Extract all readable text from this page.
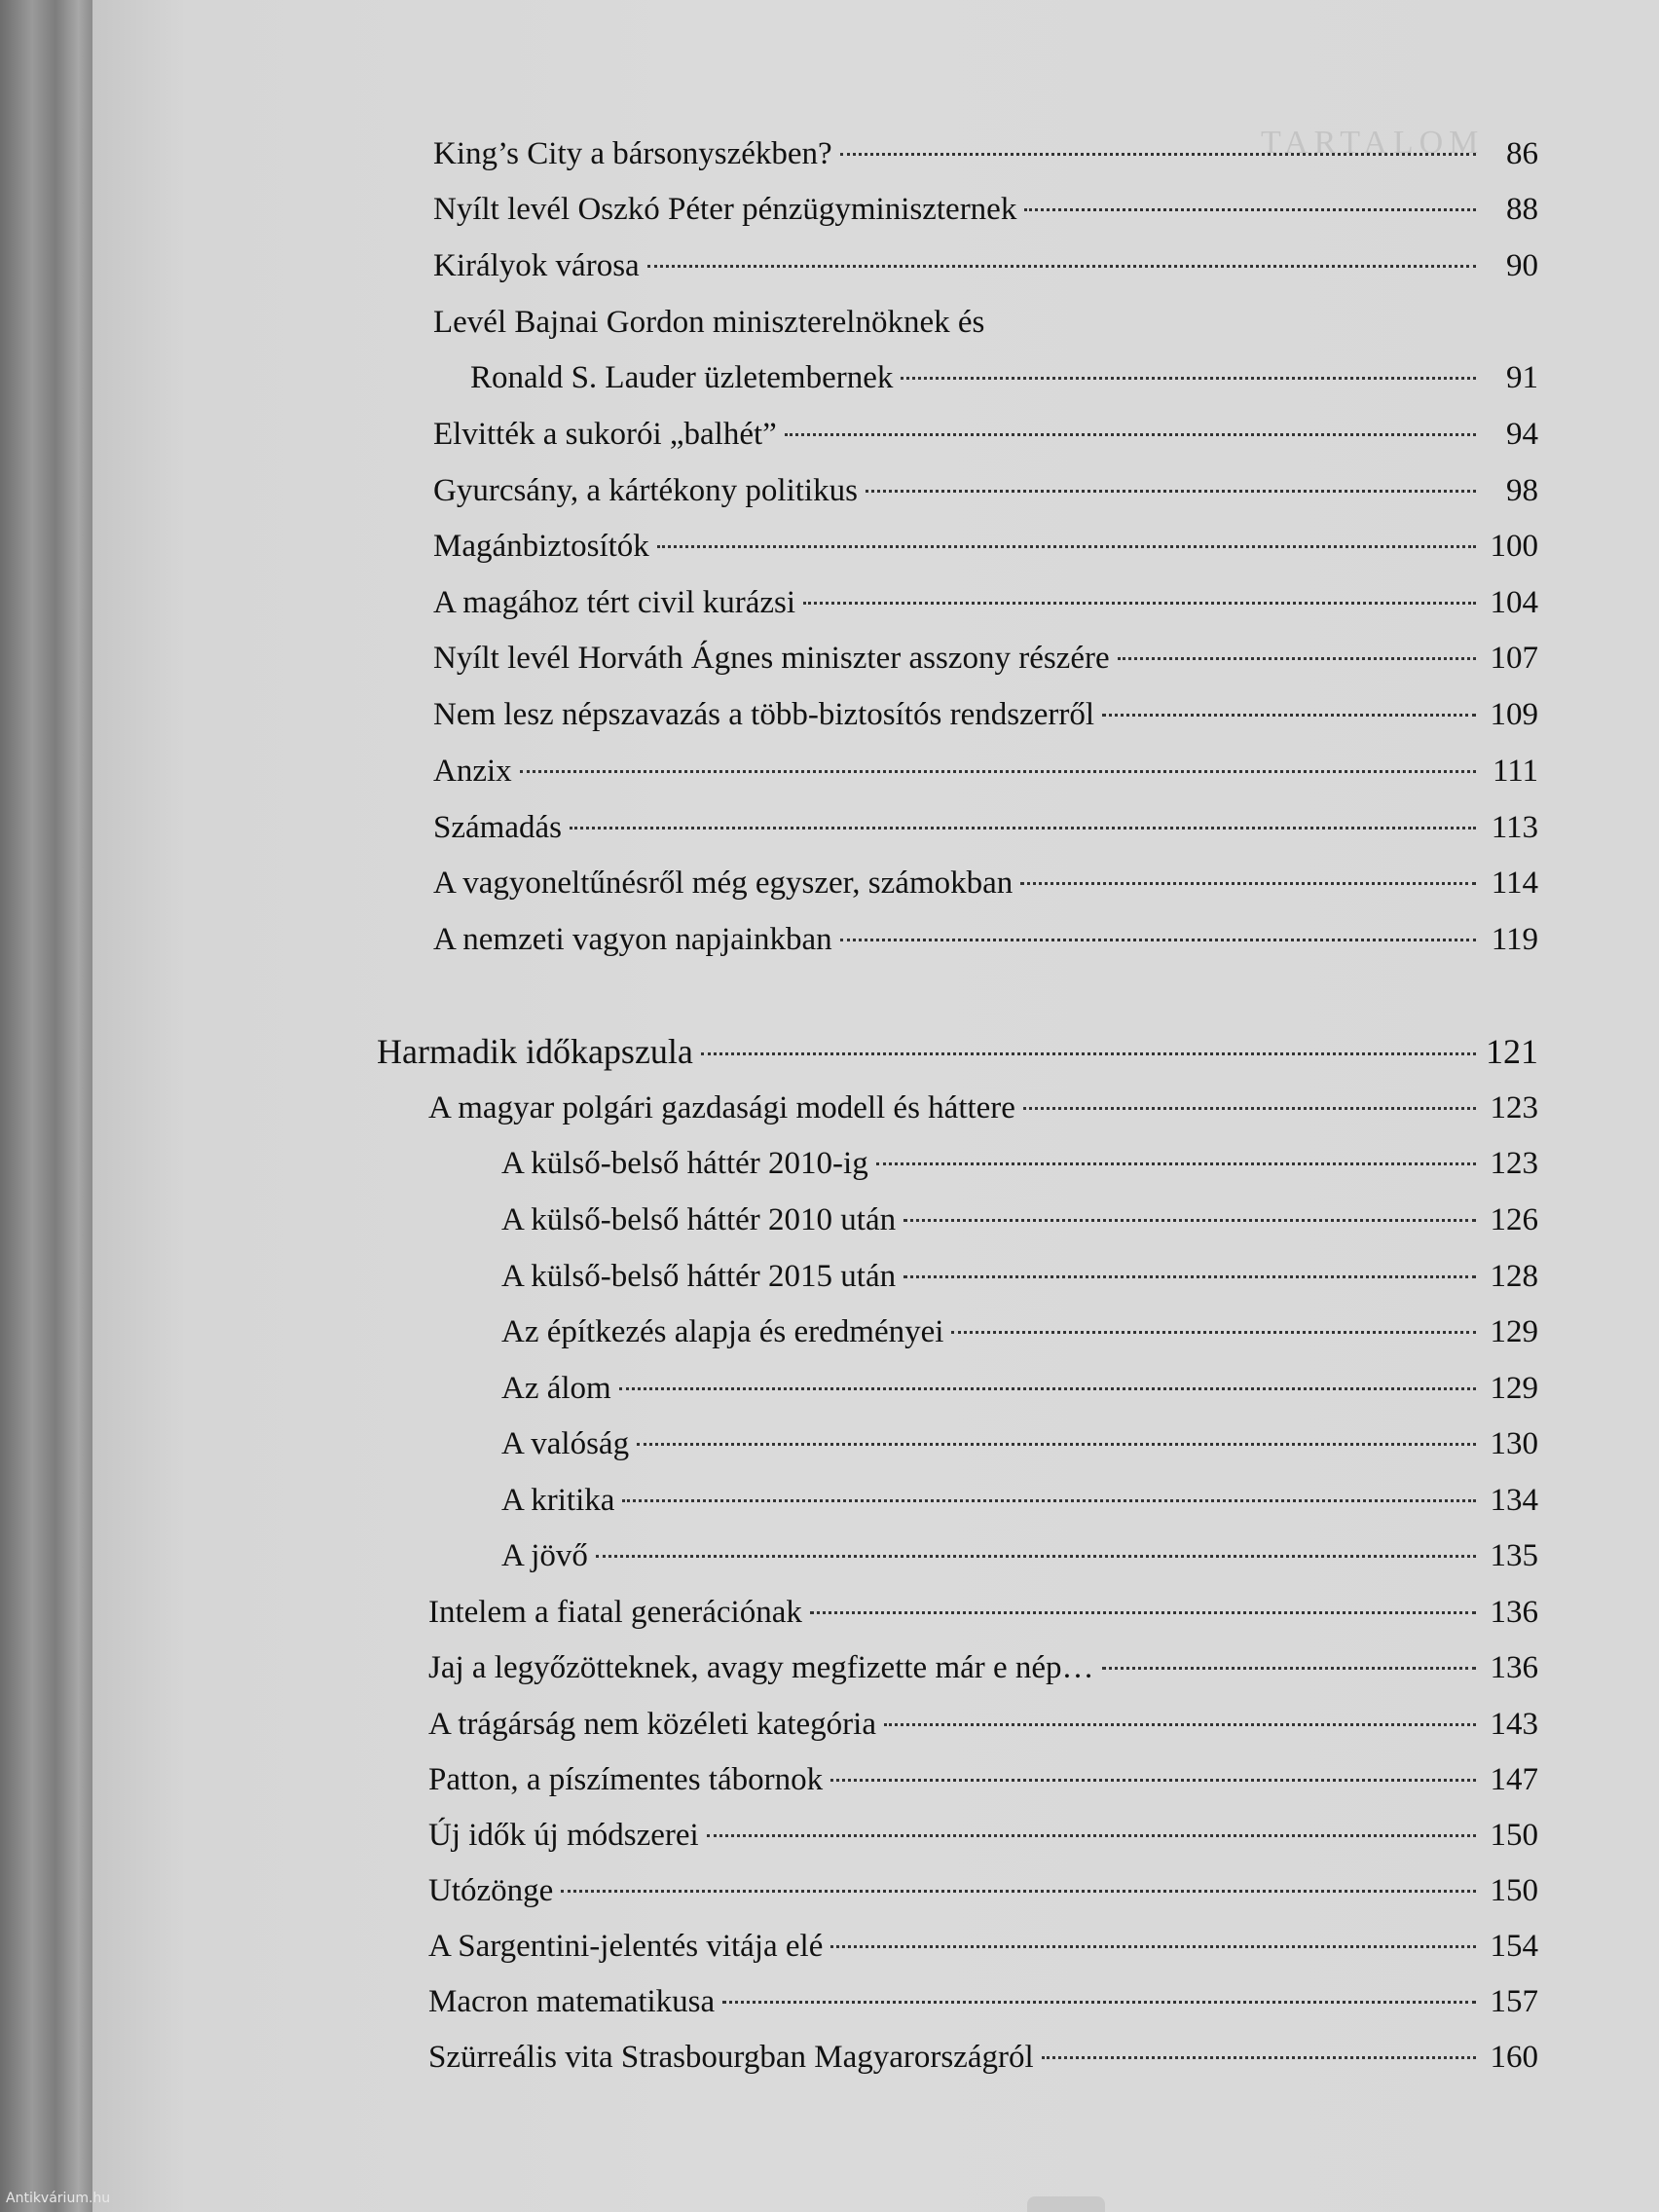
TARTALOM
King’s City a bársonyszékben?	86
Nyílt levél Oszkó Péter pénzügyminiszternek	88
Királyok városa	90
Levél Bajnai Gordon miniszterelnöknek és
Ronald S. Lauder üzletembernek	91
Elvitték a sukorói „balhét”	94
Gyurcsány, a kártékony politikus	98
Magánbiztosítók	100
A magához tért civil kurázsi	104
Nyílt levél Horváth Ágnes miniszter asszony részére	107
Nem lesz népszavazás a több-biztosítós rendszerről	109
Anzix	111
Számadás	113
A vagyoneltűnésről még egyszer, számokban	114
A nemzeti vagyon napjainkban	119
Harmadik időkapszula	121
A magyar polgári gazdasági modell és háttere	123
A külső-belső háttér 2010-ig	123
A külső-belső háttér 2010 után	126
A külső-belső háttér 2015 után	128
Az építkezés alapja és eredményei	129
Az álom	129
A valóság	130
A kritika	134
A jövő	135
Intelem a fiatal generációnak	136
Jaj a legyőzötteknek, avagy megfizette már e nép…	136
A trágárság nem közéleti kategória	143
Patton, a píszímentes tábornok	147
Új idők új módszerei	150
Utózönge	150
A Sargentini-jelentés vitája elé	154
Macron matematikusa	157
Szürreális vita Strasbourgban Magyarországról	160
Antikvárium.hu
